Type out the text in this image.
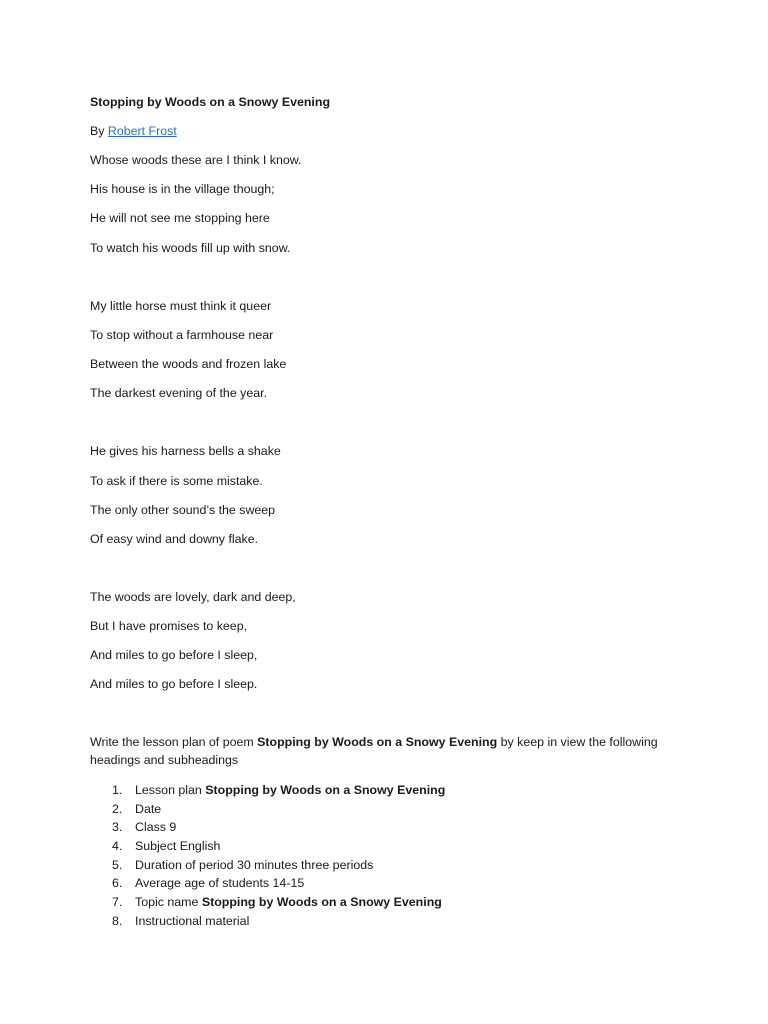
Stopping by Woods on a Snowy Evening
By Robert Frost
Whose woods these are I think I know.
His house is in the village though;
He will not see me stopping here
To watch his woods fill up with snow.
My little horse must think it queer
To stop without a farmhouse near
Between the woods and frozen lake
The darkest evening of the year.
He gives his harness bells a shake
To ask if there is some mistake.
The only other sound’s the sweep
Of easy wind and downy flake.
The woods are lovely, dark and deep,
But I have promises to keep,
And miles to go before I sleep,
And miles to go before I sleep.
Write the lesson plan of poem Stopping by Woods on a Snowy Evening by keep in view the following headings and subheadings
1. Lesson plan Stopping by Woods on a Snowy Evening
2. Date
3. Class 9
4. Subject English
5. Duration of period 30 minutes three periods
6. Average age of students 14-15
7. Topic name Stopping by Woods on a Snowy Evening
8. Instructional material
